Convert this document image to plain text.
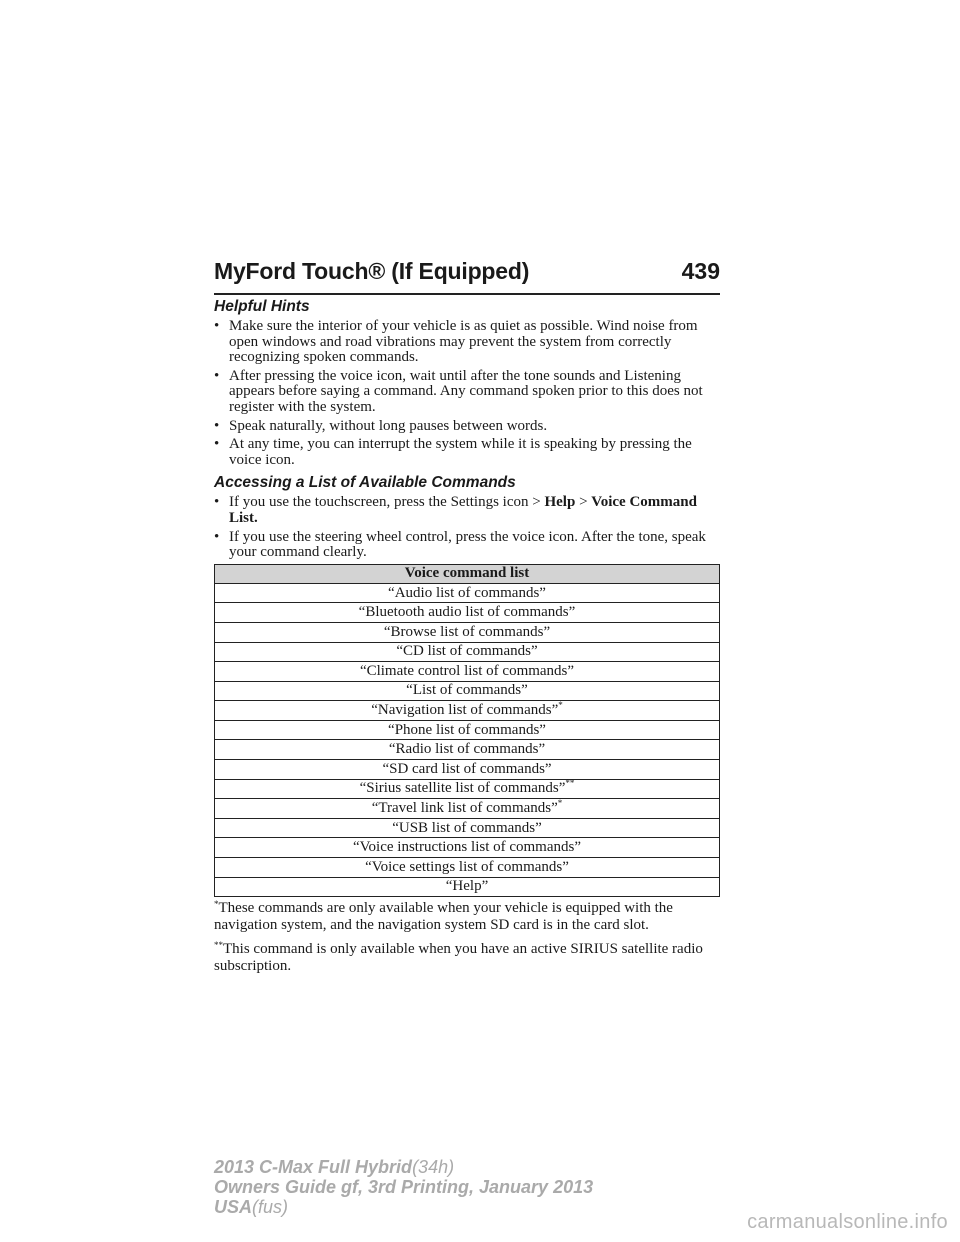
MyFord Touch® (If Equipped)	439
Helpful Hints
• Make sure the interior of your vehicle is as quiet as possible. Wind noise from open windows and road vibrations may prevent the system from correctly recognizing spoken commands.
• After pressing the voice icon, wait until after the tone sounds and Listening appears before saying a command. Any command spoken prior to this does not register with the system.
• Speak naturally, without long pauses between words.
• At any time, you can interrupt the system while it is speaking by pressing the voice icon.
Accessing a List of Available Commands
• If you use the touchscreen, press the Settings icon > Help > Voice Command List.
• If you use the steering wheel control, press the voice icon. After the tone, speak your command clearly.
Voice command list
“Audio list of commands”
“Bluetooth audio list of commands”
“Browse list of commands”
“CD list of commands”
“Climate control list of commands”
“List of commands”
“Navigation list of commands”*
“Phone list of commands”
“Radio list of commands”
“SD card list of commands”
“Sirius satellite list of commands”**
“Travel link list of commands”*
“USB list of commands”
“Voice instructions list of commands”
“Voice settings list of commands”
“Help”
*These commands are only available when your vehicle is equipped with the navigation system, and the navigation system SD card is in the card slot.
**This command is only available when you have an active SIRIUS satellite radio subscription.
2013 C-Max Full Hybrid(34h)
Owners Guide gf, 3rd Printing, January 2013
USA(fus)
carmanualsonline.info
